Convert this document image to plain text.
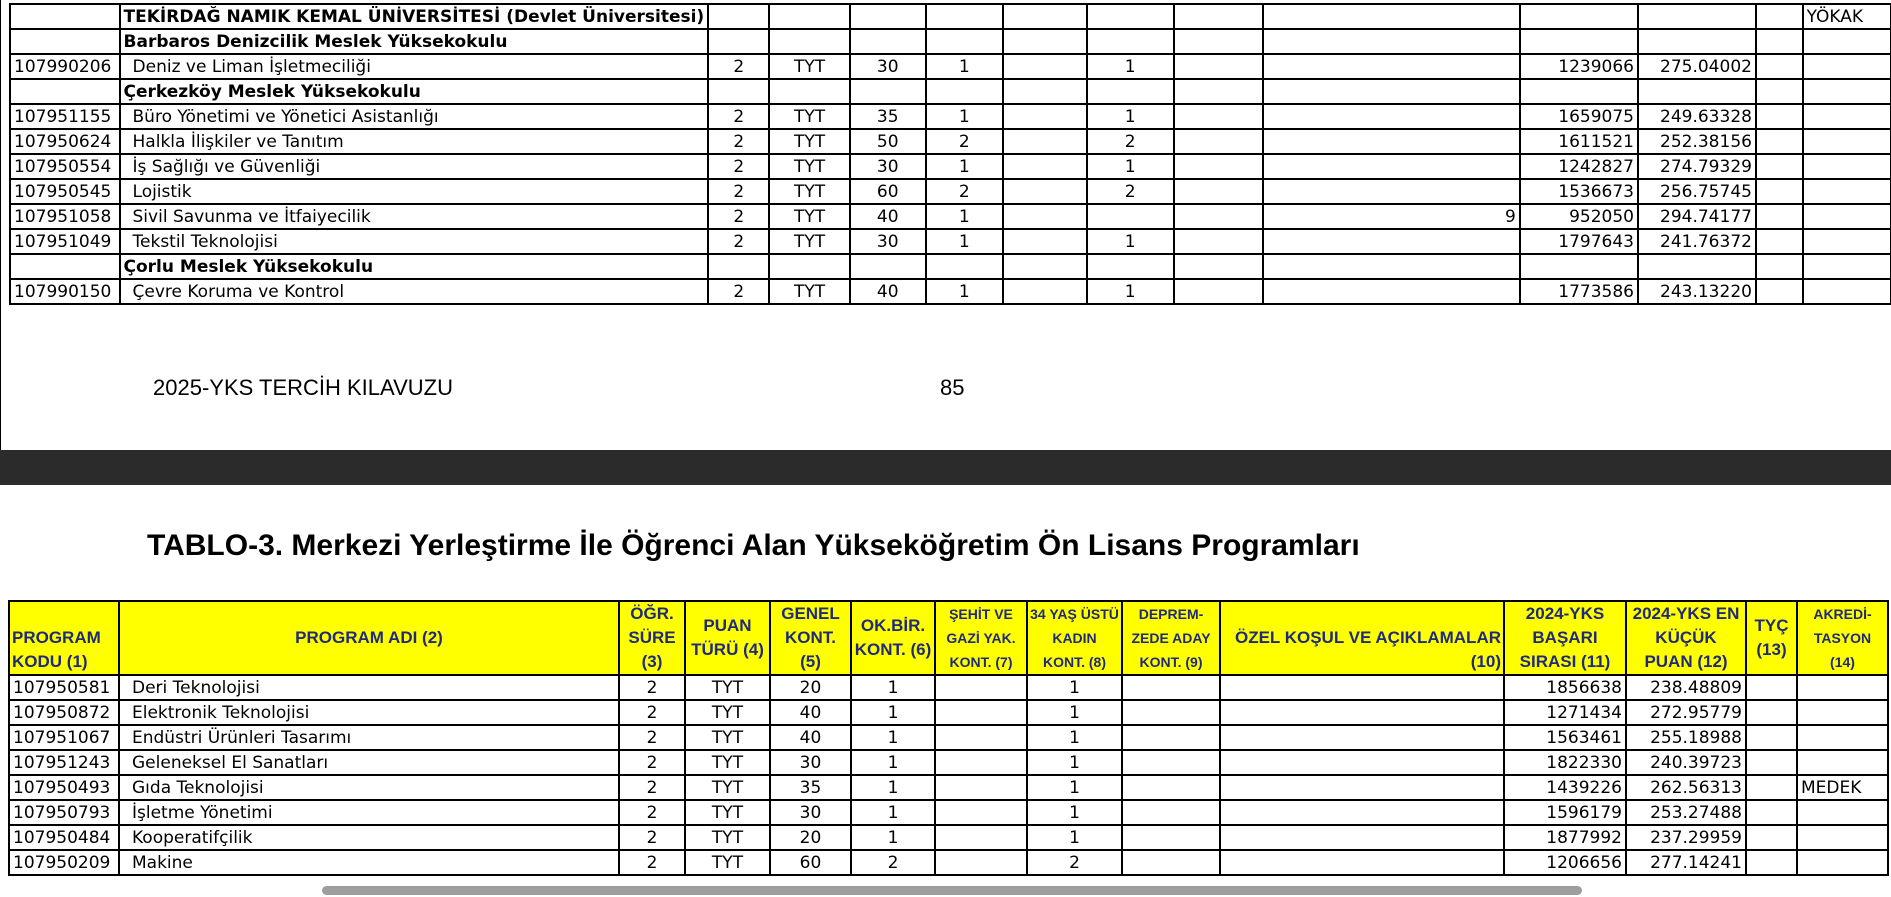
	TEKİRDAĞ NAMIK KEMAL ÜNİVERSİTESİ (Devlet Üniversitesi)												YÖKAK
	Barbaros Denizcilik Meslek Yüksekokulu												
107990206	Deniz ve Liman İşletmeciliği	2	TYT	30	1		1			1239066	275.04002		
	Çerkezköy Meslek Yüksekokulu												
107951155	Büro Yönetimi ve Yönetici Asistanlığı	2	TYT	35	1		1			1659075	249.63328		
107950624	Halkla İlişkiler ve Tanıtım	2	TYT	50	2		2			1611521	252.38156		
107950554	İş Sağlığı ve Güvenliği	2	TYT	30	1		1			1242827	274.79329		
107950545	Lojistik	2	TYT	60	2		2			1536673	256.75745		
107951058	Sivil Savunma ve İtfaiyecilik	2	TYT	40	1				9	952050	294.74177		
107951049	Tekstil Teknolojisi	2	TYT	30	1		1			1797643	241.76372		
	Çorlu Meslek Yüksekokulu												
107990150	Çevre Koruma ve Kontrol	2	TYT	40	1		1			1773586	243.13220		
2025-YKS TERCİH KILAVUZU	85
TABLO-3. Merkezi Yerleştirme İle Öğrenci Alan Yükseköğretim Ön Lisans Programları
PROGRAM KODU (1)	PROGRAM ADI (2)	ÖĞR. SÜRE (3)	PUAN TÜRÜ (4)	GENEL KONT. (5)	OK.BİR. KONT. (6)	ŞEHİT VE GAZİ YAK. KONT. (7)	34 YAŞ ÜSTÜ KADIN KONT. (8)	DEPREM-ZEDE ADAY KONT. (9)	ÖZEL KOŞUL VE AÇIKLAMALAR (10)	2024-YKS BAŞARI SIRASI (11)	2024-YKS EN KÜÇÜK PUAN (12)	TYÇ (13)	AKREDİ-TASYON (14)
107950581	Deri Teknolojisi	2	TYT	20	1		1			1856638	238.48809		
107950872	Elektronik Teknolojisi	2	TYT	40	1		1			1271434	272.95779		
107951067	Endüstri Ürünleri Tasarımı	2	TYT	40	1		1			1563461	255.18988		
107951243	Geleneksel El Sanatları	2	TYT	30	1		1			1822330	240.39723		
107950493	Gıda Teknolojisi	2	TYT	35	1		1			1439226	262.56313		MEDEK
107950793	İşletme Yönetimi	2	TYT	30	1		1			1596179	253.27488		
107950484	Kooperatifçilik	2	TYT	20	1		1			1877992	237.29959		
107950209	Makine	2	TYT	60	2		2			1206656	277.14241		
